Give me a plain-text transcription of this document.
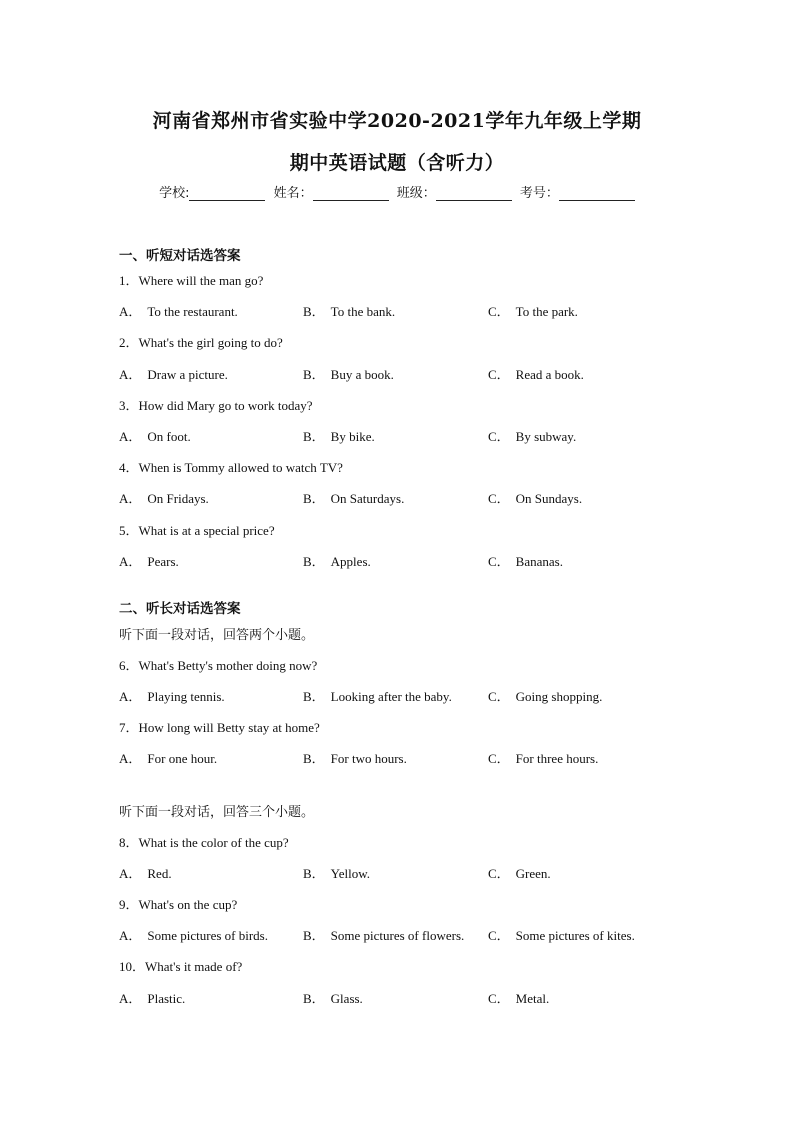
河南省郑州市省实验中学2020-2021学年九年级上学期
期中英语试题（含听力）
学校:	姓名：	班级：	考号：
一、听短对话选答案
1．Where will the man go?
A． To the restaurant.	B． To the bank.	C． To the park.
2．What's the girl going to do?
A． Draw a picture.	B． Buy a book.	C． Read a book.
3．How did Mary go to work today?
A． On foot.	B． By bike.	C． By subway.
4．When is Tommy allowed to watch TV?
A． On Fridays.	B． On Saturdays.	C． On Sundays.
5．What is at a special price?
A． Pears.	B． Apples.	C． Bananas.
二、听长对话选答案
听下面一段对话，回答两个小题。
6．What's Betty's mother doing now?
A． Playing tennis.	B． Looking after the baby.	C． Going shopping.
7．How long will Betty stay at home?
A． For one hour.	B． For two hours.	C． For three hours.
听下面一段对话，回答三个小题。
8．What is the color of the cup?
A． Red.	B． Yellow.	C． Green.
9．What's on the cup?
A． Some pictures of birds.	B． Some pictures of flowers. C． Some pictures of kites.
10．What's it made of?
A． Plastic.	B． Glass.	C． Metal.
